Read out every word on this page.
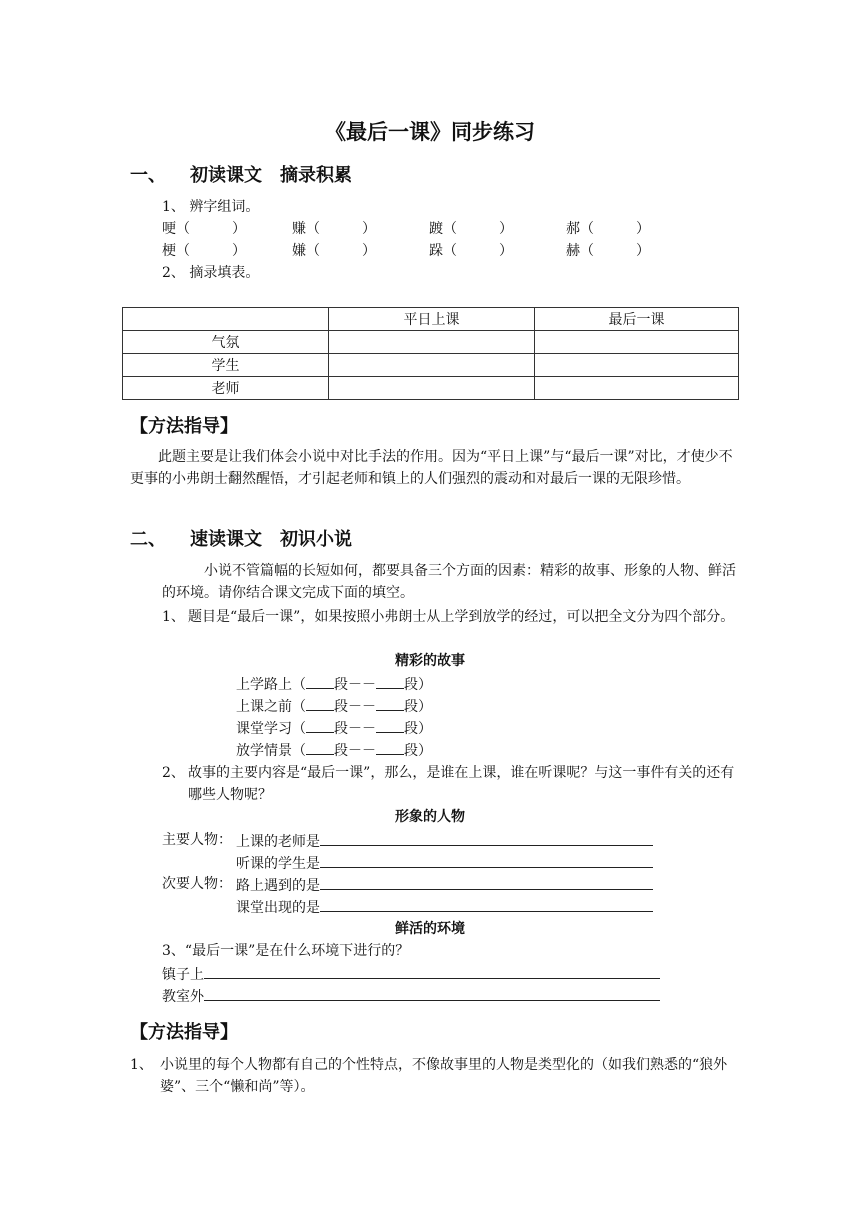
《最后一课》同步练习
一、 初读课文　摘录积累
1、 辨字组词。
哽（　　　）	赚（　　　）	踱（　　　）	郝（　　　）
梗（　　　）	嫌（　　　）	跺（　　　）	赫（　　　）
2、 摘录填表。
	平日上课	最后一课
气氛		
学生		
老师		
【方法指导】
此题主要是让我们体会小说中对比手法的作用。因为“平日上课”与“最后一课”对比，才使少不更事的小弗朗士翻然醒悟，才引起老师和镇上的人们强烈的震动和对最后一课的无限珍惜。
二、 速读课文　初识小说
小说不管篇幅的长短如何，都要具备三个方面的因素：精彩的故事、形象的人物、鲜活的环境。请你结合课文完成下面的填空。
1、 题目是“最后一课”，如果按照小弗朗士从上学到放学的经过，可以把全文分为四个部分。
精彩的故事
上学路上（ 段－－ 段）
上课之前（ 段－－ 段）
课堂学习（ 段－－ 段）
放学情景（ 段－－ 段）
2、 故事的主要内容是“最后一课”，那么，是谁在上课，谁在听课呢？与这一事件有关的还有哪些人物呢？
形象的人物
主要人物： 上课的老师是
听课的学生是
次要人物： 路上遇到的是
课堂出现的是
鲜活的环境
3、“最后一课”是在什么环境下进行的？
镇子上
教室外
【方法指导】
1、 小说里的每个人物都有自己的个性特点，不像故事里的人物是类型化的（如我们熟悉的“狼外婆”、三个“懒和尚”等）。
